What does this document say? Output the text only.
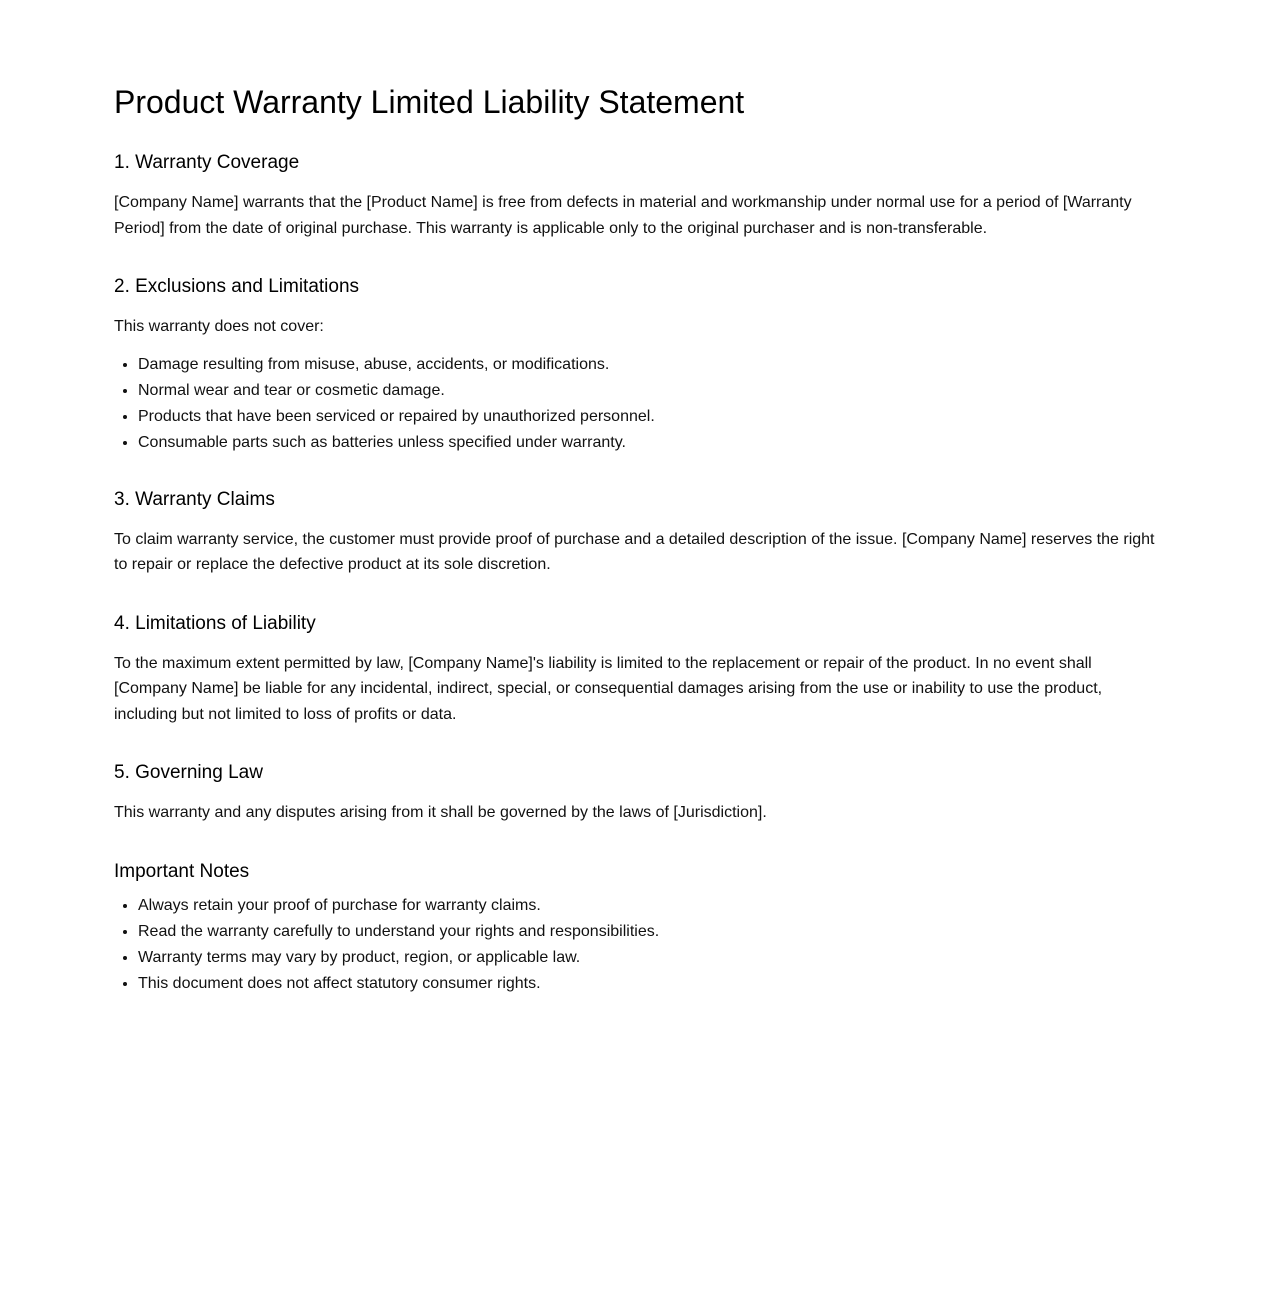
Product Warranty Limited Liability Statement
1. Warranty Coverage

[Company Name] warrants that the [Product Name] is free from defects in material and workmanship under normal use for a period of [Warranty Period] from the date of original purchase. This warranty is applicable only to the original purchaser and is non-transferable.

2. Exclusions and Limitations

This warranty does not cover:

• Damage resulting from misuse, abuse, accidents, or modifications.
• Normal wear and tear or cosmetic damage.
• Products that have been serviced or repaired by unauthorized personnel.
• Consumable parts such as batteries unless specified under warranty.
3. Warranty Claims

To claim warranty service, the customer must provide proof of purchase and a detailed description of the issue. [Company Name] reserves the right to repair or replace the defective product at its sole discretion.

4. Limitations of Liability

To the maximum extent permitted by law, [Company Name]'s liability is limited to the replacement or repair of the product. In no event shall [Company Name] be liable for any incidental, indirect, special, or consequential damages arising from the use or inability to use the product, including but not limited to loss of profits or data.

5. Governing Law

This warranty and any disputes arising from it shall be governed by the laws of [Jurisdiction].

Important Notes
• Always retain your proof of purchase for warranty claims.
• Read the warranty carefully to understand your rights and responsibilities.
• Warranty terms may vary by product, region, or applicable law.
• This document does not affect statutory consumer rights.
